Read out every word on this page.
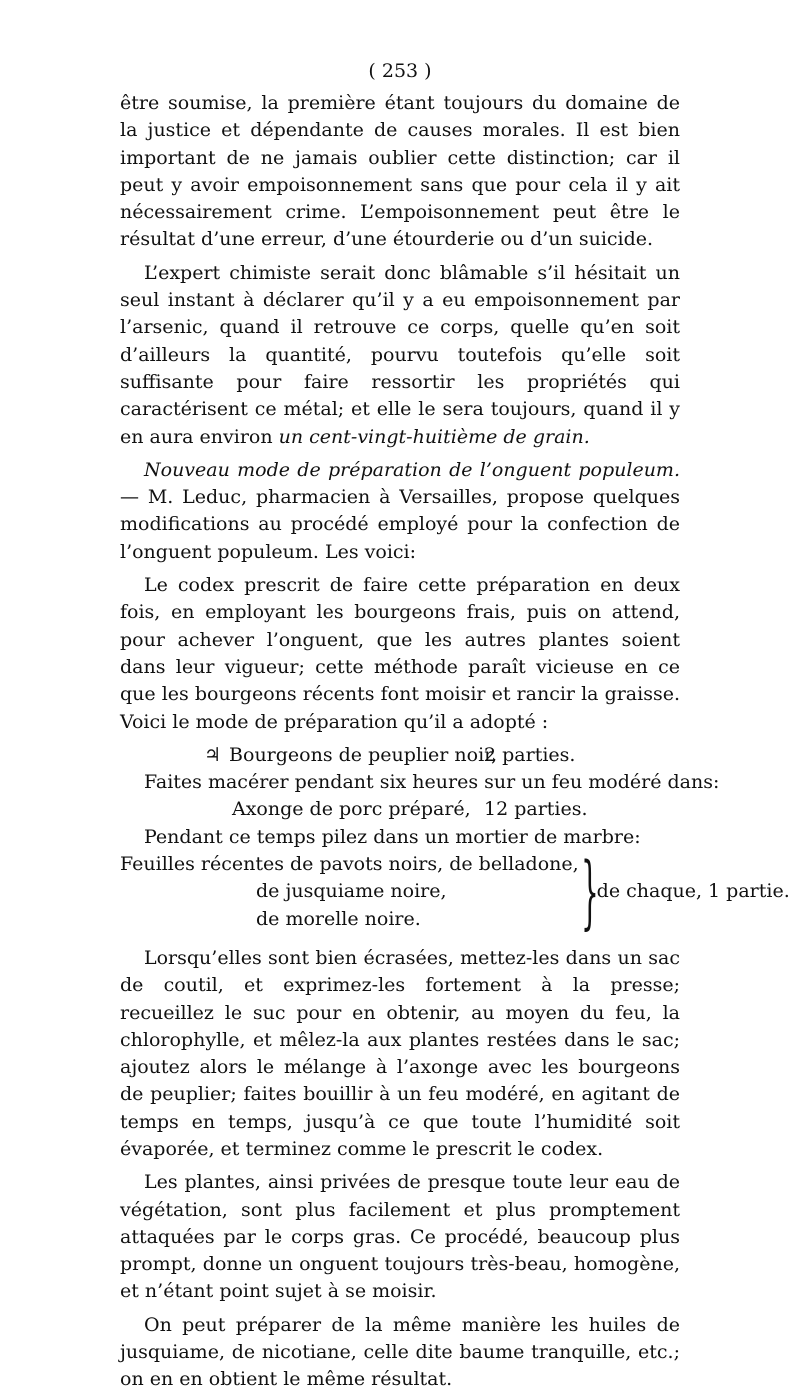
( 253 )

être soumise, la première étant toujours du domaine de la justice et dépendante de causes morales. Il est bien important de ne jamais oublier cette distinction; car il peut y avoir empoisonnement sans que pour cela il y ait nécessairement crime. L’empoisonnement peut être le résultat d’une erreur, d’une étourderie ou d’un suicide.

L’expert chimiste serait donc blâmable s’il hésitait un seul instant à déclarer qu’il y a eu empoisonnement par l’arsenic, quand il retrouve ce corps, quelle qu’en soit d’ailleurs la quantité, pourvu toutefois qu’elle soit suffisante pour faire ressortir les propriétés qui caractérisent ce métal; et elle le sera toujours, quand il y en aura environ un cent-vingt-huitième de grain.

Nouveau mode de préparation de l’onguent populeum. — M. Leduc, pharmacien à Versailles, propose quelques modifications au procédé employé pour la confection de l’onguent populeum. Les voici:

Le codex prescrit de faire cette préparation en deux fois, en employant les bourgeons frais, puis on attend, pour achever l’onguent, que les autres plantes soient dans leur vigueur; cette méthode paraît vicieuse en ce que les bourgeons récents font moisir et rancir la graisse. Voici le mode de préparation qu’il a adopté :

♃ Bourgeons de peuplier noir,
2 parties.
Faites macérer pendant six heures sur un feu modéré dans:
Axonge de porc préparé, 12 parties.
Pendant ce temps pilez dans un mortier de marbre:
Feuilles récentes de pavots noirs, de belladone,
de jusquiame noire,
de morelle noire.	}
de chaque, 1 partie.

Lorsqu’elles sont bien écrasées, mettez-les dans un sac de coutil, et exprimez-les fortement à la presse; recueillez le suc pour en obtenir, au moyen du feu, la chlorophylle, et mêlez-la aux plantes restées dans le sac; ajoutez alors le mélange à l’axonge avec les bourgeons de peuplier; faites bouillir à un feu modéré, en agitant de temps en temps, jusqu’à ce que toute l’humidité soit évaporée, et terminez comme le prescrit le codex.

Les plantes, ainsi privées de presque toute leur eau de végétation, sont plus facilement et plus promptement attaquées par le corps gras. Ce procédé, beaucoup plus prompt, donne un onguent toujours très-beau, homogène, et n’étant point sujet à se moisir.

On peut préparer de la même manière les huiles de jusquiame, de nicotiane, celle dite baume tranquille, etc.; on en en obtient le même résultat.
